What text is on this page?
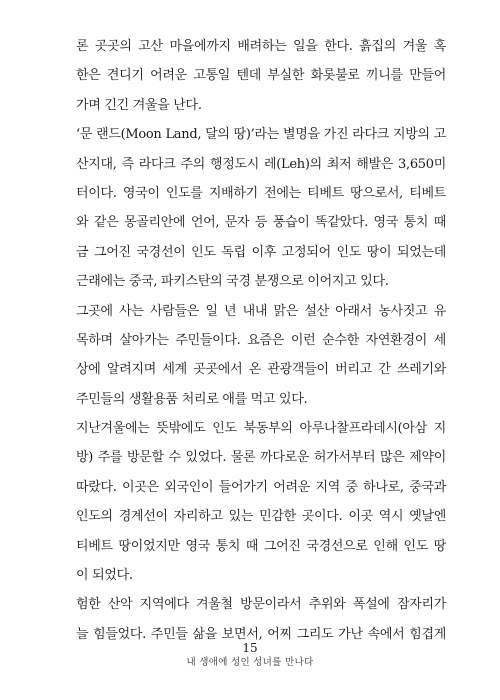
론 곳곳의 고산 마을에까지 배려하는 일을 한다. 흙집의 겨울 혹
한은 견디기 어려운 고통일 텐데 부실한 화롯불로 끼니를 만들어
가며 긴긴 겨울을 난다.
‘문 랜드(Moon Land, 달의 땅)’라는 별명을 가진 라다크 지방의 고
산지대, 즉 라다크 주의 행정도시 레(Leh)의 최저 해발은 3,650미
터이다. 영국이 인도를 지배하기 전에는 티베트 땅으로서, 티베트
와 같은 몽골리안에 언어, 문자 등 풍습이 똑같았다. 영국 통치 때
금 그어진 국경선이 인도 독립 이후 고정되어 인도 땅이 되었는데
근래에는 중국, 파키스탄의 국경 분쟁으로 이어지고 있다.
그곳에 사는 사람들은 일 년 내내 맑은 설산 아래서 농사짓고 유
목하며 살아가는 주민들이다. 요즘은 이런 순수한 자연환경이 세
상에 알려지며 세계 곳곳에서 온 관광객들이 버리고 간 쓰레기와
주민들의 생활용품 처리로 애를 먹고 있다.
지난겨울에는 뜻밖에도 인도 북동부의 아루나찰프라데시(아삼 지
방) 주를 방문할 수 있었다. 물론 까다로운 허가서부터 많은 제약이
따랐다. 이곳은 외국인이 들어가기 어려운 지역 중 하나로, 중국과
인도의 경계선이 자리하고 있는 민감한 곳이다. 이곳 역시 옛날엔
티베트 땅이었지만 영국 통치 때 그어진 국경선으로 인해 인도 땅
이 되었다.
험한 산악 지역에다 겨울철 방문이라서 추위와 폭설에 잠자리가
늘 힘들었다. 주민들 삶을 보면서, 어찌 그리도 가난 속에서 힘겹게
15
내 생애에 성인 성녀를 만나다
